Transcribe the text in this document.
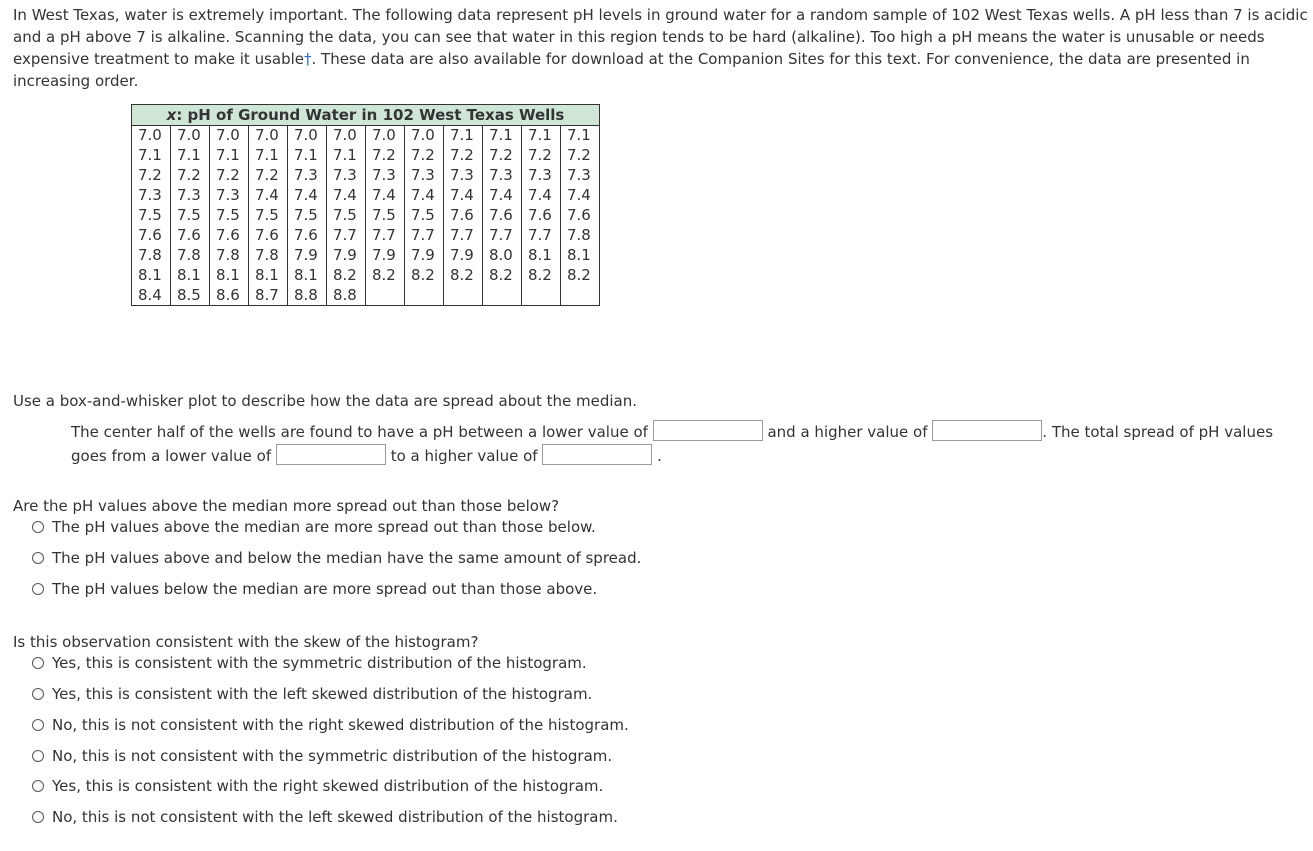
In West Texas, water is extremely important. The following data represent pH levels in ground water for a random sample of 102 West Texas wells. A pH less than 7 is acidic and a pH above 7 is alkaline. Scanning the data, you can see that water in this region tends to be hard (alkaline). Too high a pH means the water is unusable or needs expensive treatment to make it usable†. These data are also available for download at the Companion Sites for this text. For convenience, the data are presented in increasing order.

x: pH of Ground Water in 102 West Texas Wells											
7.0	7.0	7.0	7.0	7.0	7.0	7.0	7.0	7.1	7.1	7.1	7.1
7.1	7.1	7.1	7.1	7.1	7.1	7.2	7.2	7.2	7.2	7.2	7.2
7.2	7.2	7.2	7.2	7.3	7.3	7.3	7.3	7.3	7.3	7.3	7.3
7.3	7.3	7.3	7.4	7.4	7.4	7.4	7.4	7.4	7.4	7.4	7.4
7.5	7.5	7.5	7.5	7.5	7.5	7.5	7.5	7.6	7.6	7.6	7.6
7.6	7.6	7.6	7.6	7.6	7.7	7.7	7.7	7.7	7.7	7.7	7.8
7.8	7.8	7.8	7.8	7.9	7.9	7.9	7.9	7.9	8.0	8.1	8.1
8.1	8.1	8.1	8.1	8.1	8.2	8.2	8.2	8.2	8.2	8.2	8.2
8.4	8.5	8.6	8.7	8.8	8.8						

Use a box-and-whisker plot to describe how the data are spread about the median.

The center half of the wells are found to have a pH between a lower value of	and a higher value of	. The total spread of pH values goes from a lower value of	to a higher value of	.

Are the pH values above the median more spread out than those below?

The pH values above the median are more spread out than those below.
The pH values above and below the median have the same amount of spread.
The pH values below the median are more spread out than those above.

Is this observation consistent with the skew of the histogram?

Yes, this is consistent with the symmetric distribution of the histogram.
Yes, this is consistent with the left skewed distribution of the histogram.
No, this is not consistent with the right skewed distribution of the histogram.
No, this is not consistent with the symmetric distribution of the histogram.
Yes, this is consistent with the right skewed distribution of the histogram.
No, this is not consistent with the left skewed distribution of the histogram.
